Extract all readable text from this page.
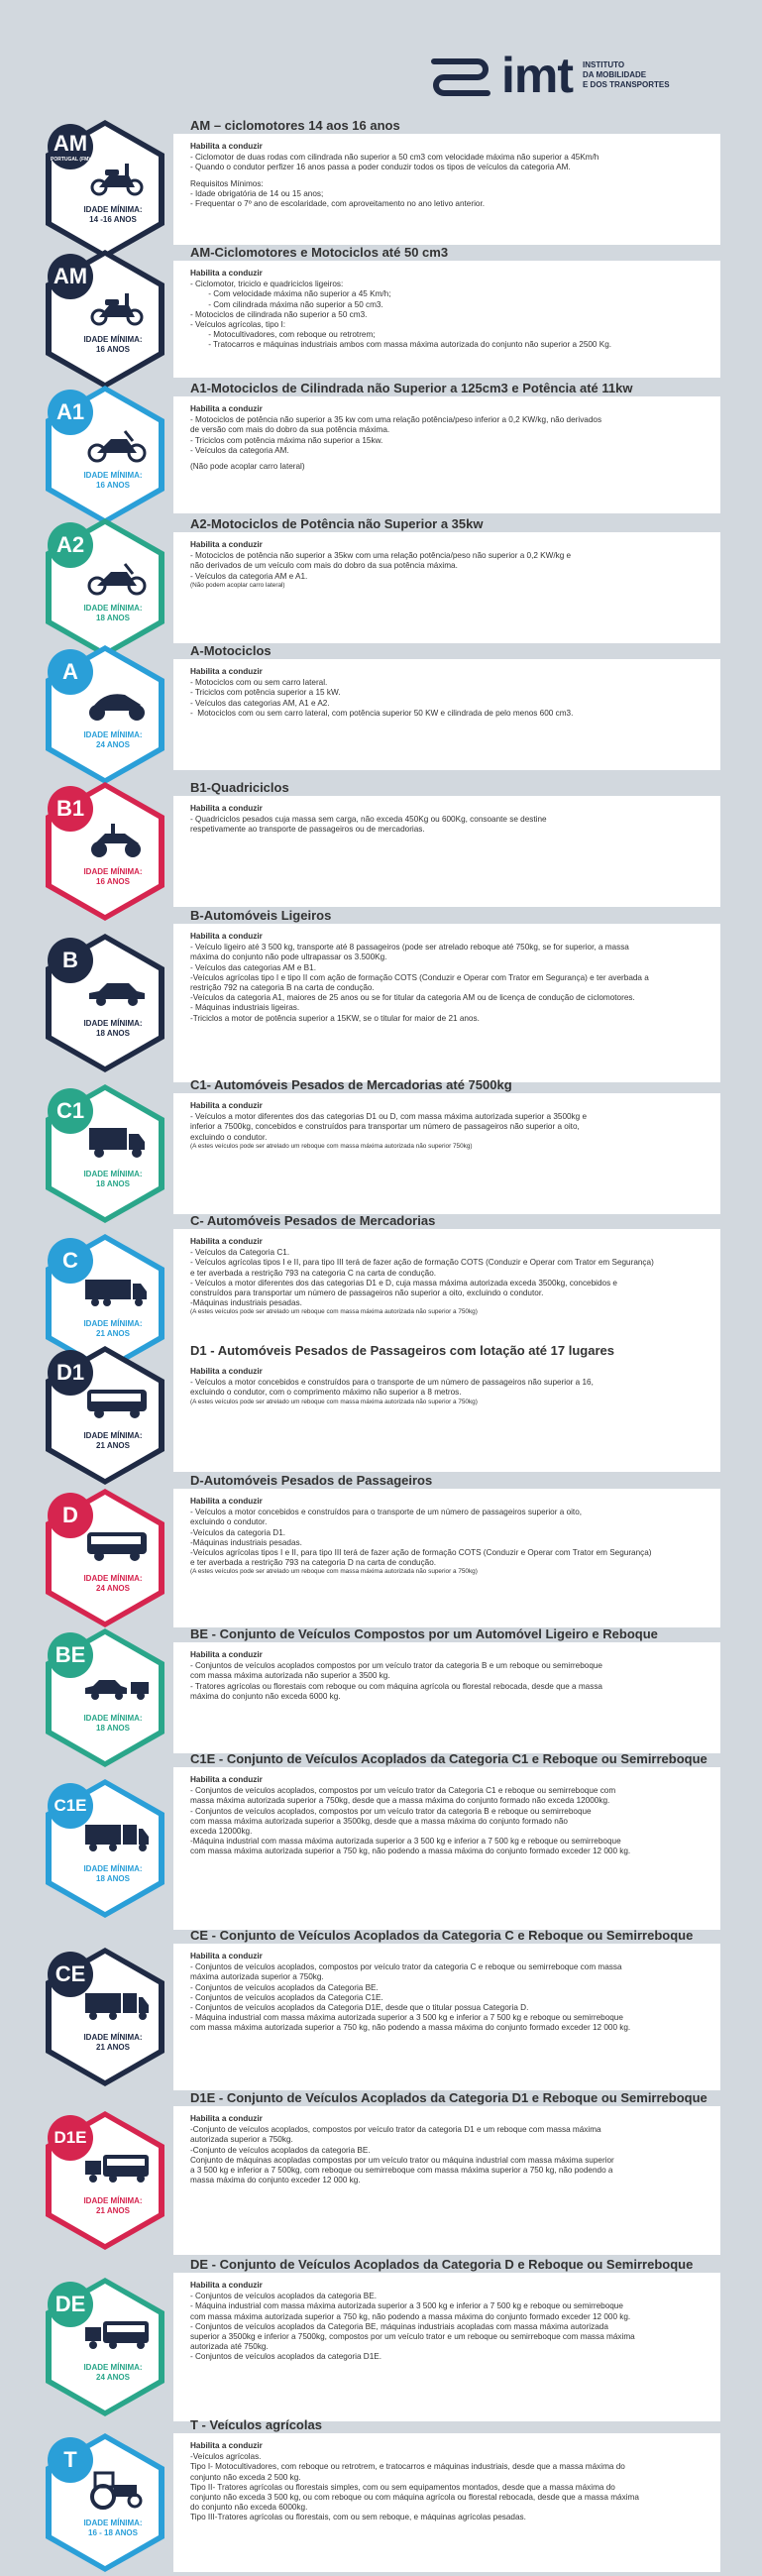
imt INSTITUTO
DA MOBILIDADE
E DOS TRANSPORTES
AM
PORTUGAL (FM)
IDADE MÍNIMA:
14 -16 ANOS
AM – ciclomotores 14 aos 16 anos
Habilita a conduzir
- Ciclomotor de duas rodas com cilindrada não superior a 50 cm3 com velocidade máxima não superior a 45Km/h
- Quando o condutor perfizer 16 anos passa a poder conduzir todos os tipos de veículos da categoria AM.
Requisitos Mínimos:
- Idade obrigatória de 14 ou 15 anos;
- Frequentar o 7º ano de escolaridade, com aproveitamento no ano letivo anterior.
AM
IDADE MÍNIMA:
16 ANOS
AM-Ciclomotores e Motociclos até 50 cm3
Habilita a conduzir
- Ciclomotor, triciclo e quadriciclos ligeiros:
- Com velocidade máxima não superior a 45 Km/h;
- Com cilindrada máxima não superior a 50 cm3.
- Motociclos de cilindrada não superior a 50 cm3.
- Veículos agrícolas, tipo I:
- Motocultivadores, com reboque ou retrotrem;
- Tratocarros e máquinas industriais ambos com massa máxima autorizada do conjunto não superior a 2500 Kg.
A1
IDADE MÍNIMA:
16 ANOS
A1-Motociclos de Cilindrada não Superior a 125cm3 e Potência até 11kw
Habilita a conduzir
- Motociclos de potência não superior a 35 kw com uma relação potência/peso inferior a 0,2 KW/kg, não derivados
de versão com mais do dobro da sua potência máxima.
- Triciclos com potência máxima não superior a 15kw.
- Veículos da categoria AM.
(Não pode acoplar carro lateral)
A2
IDADE MÍNIMA:
18 ANOS
A2-Motociclos de Potência não Superior a 35kw
Habilita a conduzir
- Motociclos de potência não superior a 35kw com uma relação potência/peso não superior a 0,2 KW/kg e
não derivados de um veículo com mais do dobro da sua potência máxima.
- Veículos da categoria AM e A1.
(Não podem acoplar carro lateral)
A
IDADE MÍNIMA:
24 ANOS
A-Motociclos
Habilita a conduzir
- Motociclos com ou sem carro lateral.
- Triciclos com potência superior a 15 kW.
- Veículos das categorias AM, A1 e A2.
-  Motociclos com ou sem carro lateral, com potência superior 50 KW e cilindrada de pelo menos 600 cm3.
B1
IDADE MÍNIMA:
16 ANOS
B1-Quadriciclos
Habilita a conduzir
- Quadriciclos pesados cuja massa sem carga, não exceda 450Kg ou 600Kg, consoante se destine
respetivamente ao transporte de passageiros ou de mercadorias.
B
IDADE MÍNIMA:
18 ANOS
B-Automóveis Ligeiros
Habilita a conduzir
- Veículo ligeiro até 3 500 kg, transporte até 8 passageiros (pode ser atrelado reboque até 750kg, se for superior, a massa
máxima do conjunto não pode ultrapassar os 3.500Kg.
- Veículos das categorias AM e B1.
-Veículos agrícolas tipo I e tipo II com ação de formação COTS (Conduzir e Operar com Trator em Segurança) e ter averbada a
restrição 792 na categoria B na carta de condução.
-Veículos da categoria A1, maiores de 25 anos ou se for titular da categoria AM ou de licença de condução de ciclomotores.
- Máquinas industriais ligeiras.
-Triciclos a motor de potência superior a 15KW, se o titular for maior de 21 anos.
C1
IDADE MÍNIMA:
18 ANOS
C1- Automóveis Pesados de Mercadorias até 7500kg
Habilita a conduzir
- Veículos a motor diferentes dos das categorias D1 ou D, com massa máxima autorizada superior a 3500kg e
inferior a 7500kg, concebidos e construídos para transportar um número de passageiros não superior a oito,
excluindo o condutor.
(A estes veículos pode ser atrelado um reboque com massa máxima autorizada não superior 750kg)
C
IDADE MÍNIMA:
21 ANOS
C- Automóveis Pesados de Mercadorias
Habilita a conduzir
- Veículos da Categoria C1.
- Veículos agrícolas tipos I e II, para tipo III terá de fazer ação de formação COTS (Conduzir e Operar com Trator em Segurança)
e ter averbada a restrição 793 na categoria C na carta de condução.
- Veículos a motor diferentes dos das categorias D1 e D, cuja massa máxima autorizada exceda 3500kg, concebidos e
construídos para transportar um número de passageiros não superior a oito, excluindo o condutor.
-Máquinas industriais pesadas.
(A estes veículos pode ser atrelado um reboque com massa máxima autorizada não superior a 750kg)
D1
IDADE MÍNIMA:
21 ANOS
D1 - Automóveis Pesados de Passageiros com lotação até 17 lugares
Habilita a conduzir
- Veículos a motor concebidos e construídos para o transporte de um número de passageiros não superior a 16,
excluindo o condutor, com o comprimento máximo não superior a 8 metros.
(A estes veículos pode ser atrelado um reboque com massa máxima autorizada não superior a 750kg)
D
IDADE MÍNIMA:
24 ANOS
D-Automóveis Pesados de Passageiros
Habilita a conduzir
- Veículos a motor concebidos e construídos para o transporte de um número de passageiros superior a oito,
excluindo o condutor.
-Veículos da categoria D1.
-Máquinas industriais pesadas.
-Veículos agrícolas tipos I e II, para tipo III terá de fazer ação de formação COTS (Conduzir e Operar com Trator em Segurança)
e ter averbada a restrição 793 na categoria D na carta de condução.
(A estes veículos pode ser atrelado um reboque com massa máxima autorizada não superior a 750kg)
BE
IDADE MÍNIMA:
18 ANOS
BE - Conjunto de Veículos Compostos por um Automóvel Ligeiro e Reboque
Habilita a conduzir
- Conjuntos de veículos acoplados compostos por um veículo trator da categoria B e um reboque ou semirreboque
com massa máxima autorizada não superior a 3500 kg.
- Tratores agrícolas ou florestais com reboque ou com máquina agrícola ou florestal rebocada, desde que a massa
máxima do conjunto não exceda 6000 kg.
C1E
IDADE MÍNIMA:
18 ANOS
C1E - Conjunto de Veículos Acoplados da Categoria C1 e Reboque ou Semirreboque
Habilita a conduzir
- Conjuntos de veículos acoplados, compostos por um veículo trator da Categoria C1 e reboque ou semirreboque com
massa máxima autorizada superior a 750kg, desde que a massa máxima do conjunto formado não exceda 12000kg.
- Conjuntos de veículos acoplados, compostos por um veículo trator da categoria B e reboque ou semirreboque
com massa máxima autorizada superior a 3500kg, desde que a massa máxima do conjunto formado não
exceda 12000kg.
-Máquina industrial com massa máxima autorizada superior a 3 500 kg e inferior a 7 500 kg e reboque ou semirreboque
com massa máxima autorizada superior a 750 kg, não podendo a massa máxima do conjunto formado exceder 12 000 kg.
CE
IDADE MÍNIMA:
21 ANOS
CE - Conjunto de Veículos Acoplados da Categoria C e Reboque ou Semirreboque
Habilita a conduzir
- Conjuntos de veículos acoplados, compostos por veículo trator da categoria C e reboque ou semirreboque com massa
máxima autorizada superior a 750kg.
- Conjuntos de veículos acoplados da Categoria BE.
- Conjuntos de veículos acoplados da Categoria C1E.
- Conjuntos de veículos acoplados da Categoria D1E, desde que o titular possua Categoria D.
- Máquina industrial com massa máxima autorizada superior a 3 500 kg e inferior a 7 500 kg e reboque ou semirreboque
com massa máxima autorizada superior a 750 kg, não podendo a massa máxima do conjunto formado exceder 12 000 kg.
D1E
IDADE MÍNIMA:
21 ANOS
D1E - Conjunto de Veículos Acoplados da Categoria D1 e Reboque ou Semirreboque
Habilita a conduzir
-Conjunto de veículos acoplados, compostos por veículo trator da categoria D1 e um reboque com massa máxima
autorizada superior a 750kg.
-Conjunto de veículos acoplados da categoria BE.
Conjunto de máquinas acopladas compostas por um veículo trator ou máquina industrial com massa máxima superior
a 3 500 kg e inferior a 7 500kg, com reboque ou semirreboque com massa máxima superior a 750 kg, não podendo a
massa máxima do conjunto exceder 12 000 kg.
DE
IDADE MÍNIMA:
24 ANOS
DE - Conjunto de Veículos Acoplados da Categoria D e Reboque ou Semirreboque
Habilita a conduzir
- Conjuntos de veículos acoplados da categoria BE.
- Máquina industrial com massa máxima autorizada superior a 3 500 kg e inferior a 7 500 kg e reboque ou semirreboque
com massa máxima autorizada superior a 750 kg, não podendo a massa máxima do conjunto formado exceder 12 000 kg.
- Conjuntos de veículos acoplados da Categoria BE, máquinas industriais acopladas com massa máxima autorizada
superior a 3500kg e inferior a 7500kg, compostos por um veículo trator e um reboque ou semirreboque com massa máxima
autorizada até 750kg.
- Conjuntos de veículos acoplados da categoria D1E.
T
IDADE MÍNIMA:
16 - 18 ANOS
T - Veículos agrícolas
Habilita a conduzir
-Veículos agrícolas.
Tipo I- Motocultivadores, com reboque ou retrotrem, e tratocarros e máquinas industriais, desde que a massa máxima do
conjunto não exceda 2 500 kg.
Tipo II- Tratores agrícolas ou florestais simples, com ou sem equipamentos montados, desde que a massa máxima do
conjunto não exceda 3 500 kg, ou com reboque ou com máquina agrícola ou florestal rebocada, desde que a massa máxima
do conjunto não exceda 6000kg.
Tipo III-Tratores agrícolas ou florestais, com ou sem reboque, e máquinas agrícolas pesadas.
